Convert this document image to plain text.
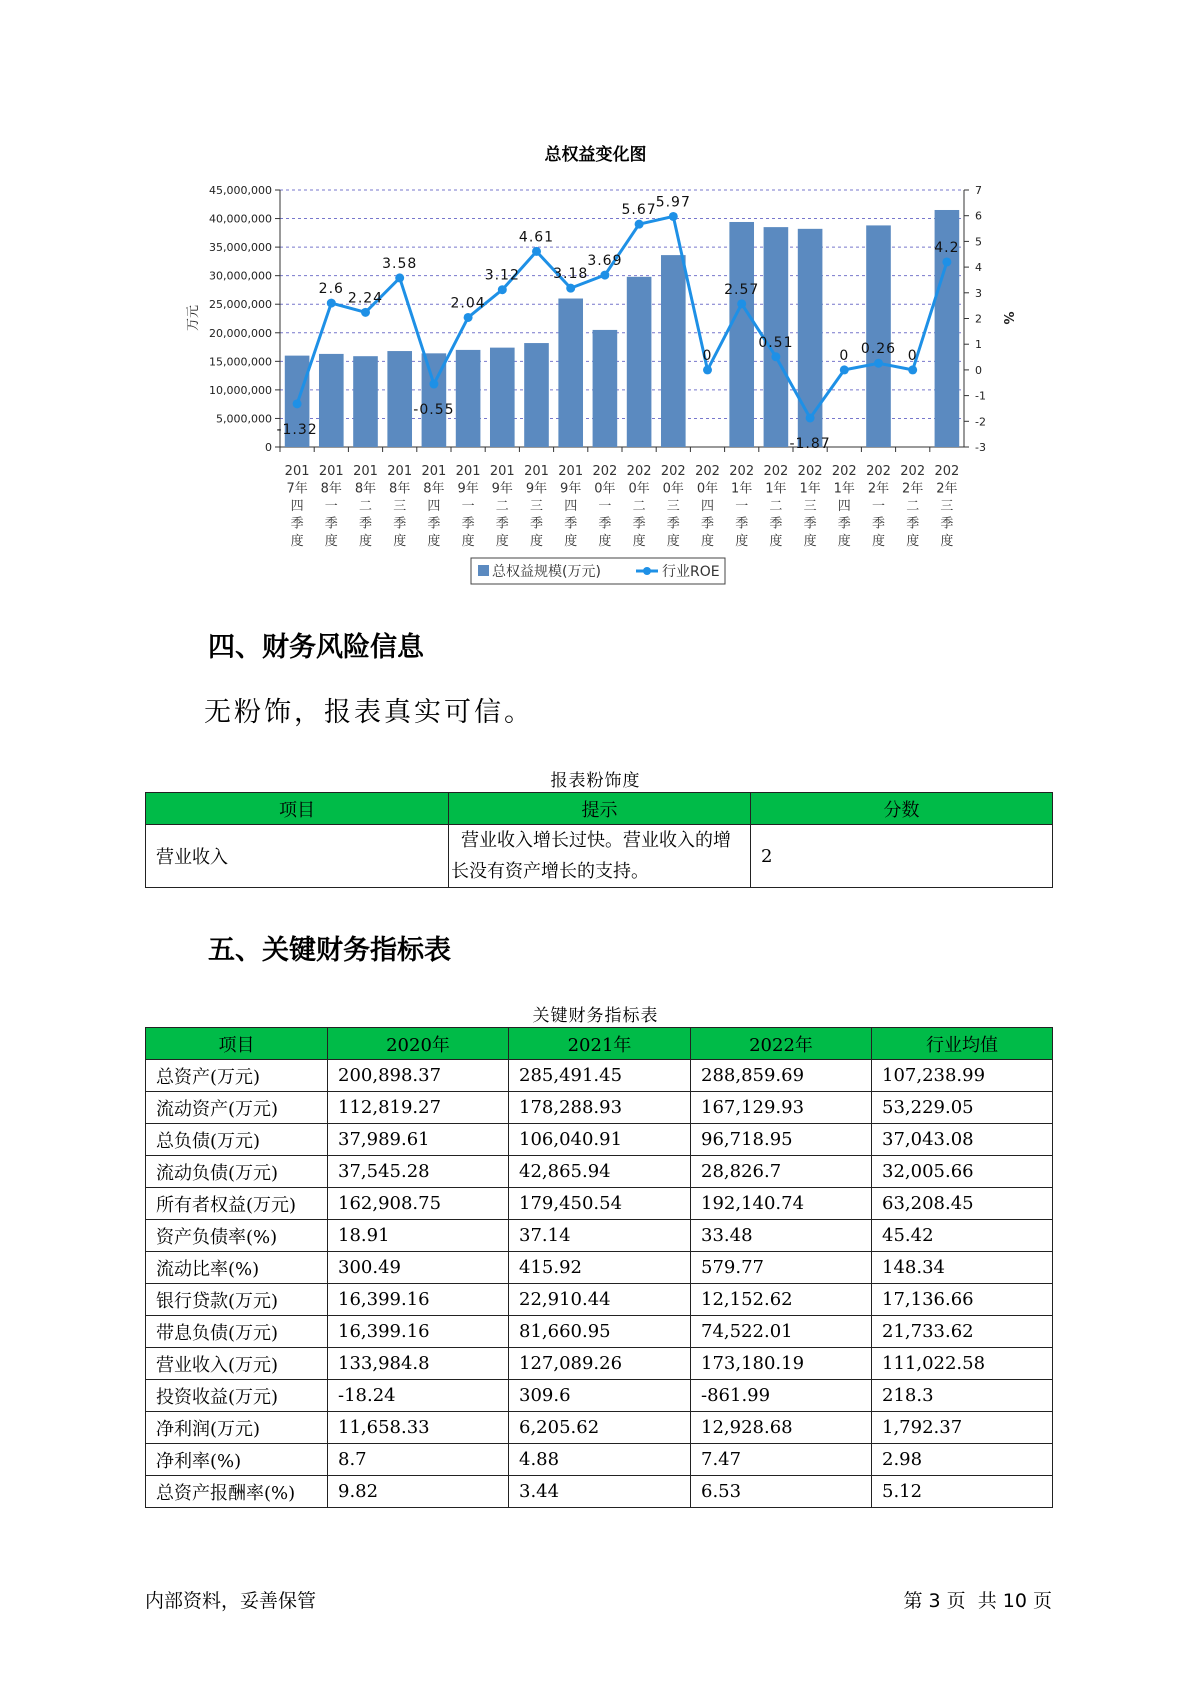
总权益变化图
0
5,000,000
10,000,000
15,000,000
20,000,000
25,000,000
30,000,000
35,000,000
40,000,000
45,000,000
-3
-2
-1
0
1
2
3
4
5
6
7
201
7年
四
季
度
201
8年
一
季
度
201
8年
二
季
度
201
8年
三
季
度
201
8年
四
季
度
201
9年
一
季
度
201
9年
二
季
度
201
9年
三
季
度
201
9年
四
季
度
202
0年
一
季
度
202
0年
二
季
度
202
0年
三
季
度
202
0年
四
季
度
202
1年
一
季
度
202
1年
二
季
度
202
1年
三
季
度
202
1年
四
季
度
202
2年
一
季
度
202
2年
二
季
度
202
2年
三
季
度
-1.32
2.6
2.24
3.58
-0.55
2.04
3.12
4.61
3.18
3.69
5.67 5.97
0
2.57
0.51
-1.87
0 0.26 0
4.2
万元	%
总权益规模(万元)	行业ROE
四、财务风险信息
无粉饰，报表真实可信。
报表粉饰度
项目	提示	分数
营业收入	营业收入增长过快。营业收入的增长没有资产增长的支持。	2
五、关键财务指标表
关键财务指标表
项目	2020年	2021年	2022年	行业均值
总资产(万元)	200,898.37	285,491.45	288,859.69	107,238.99
流动资产(万元)	112,819.27	178,288.93	167,129.93	53,229.05
总负债(万元)	37,989.61	106,040.91	96,718.95	37,043.08
流动负债(万元)	37,545.28	42,865.94	28,826.7	32,005.66
所有者权益(万元)	162,908.75	179,450.54	192,140.74	63,208.45
资产负债率(%)	18.91	37.14	33.48	45.42
流动比率(%)	300.49	415.92	579.77	148.34
银行贷款(万元)	16,399.16	22,910.44	12,152.62	17,136.66
带息负债(万元)	16,399.16	81,660.95	74,522.01	21,733.62
营业收入(万元)	133,984.8	127,089.26	173,180.19	111,022.58
投资收益(万元)	-18.24	309.6	-861.99	218.3
净利润(万元)	11,658.33	6,205.62	12,928.68	1,792.37
净利率(%)	8.7	4.88	7.47	2.98
总资产报酬率(%)	9.82	3.44	6.53	5.12
内部资料，妥善保管	第 3 页  共 10 页
